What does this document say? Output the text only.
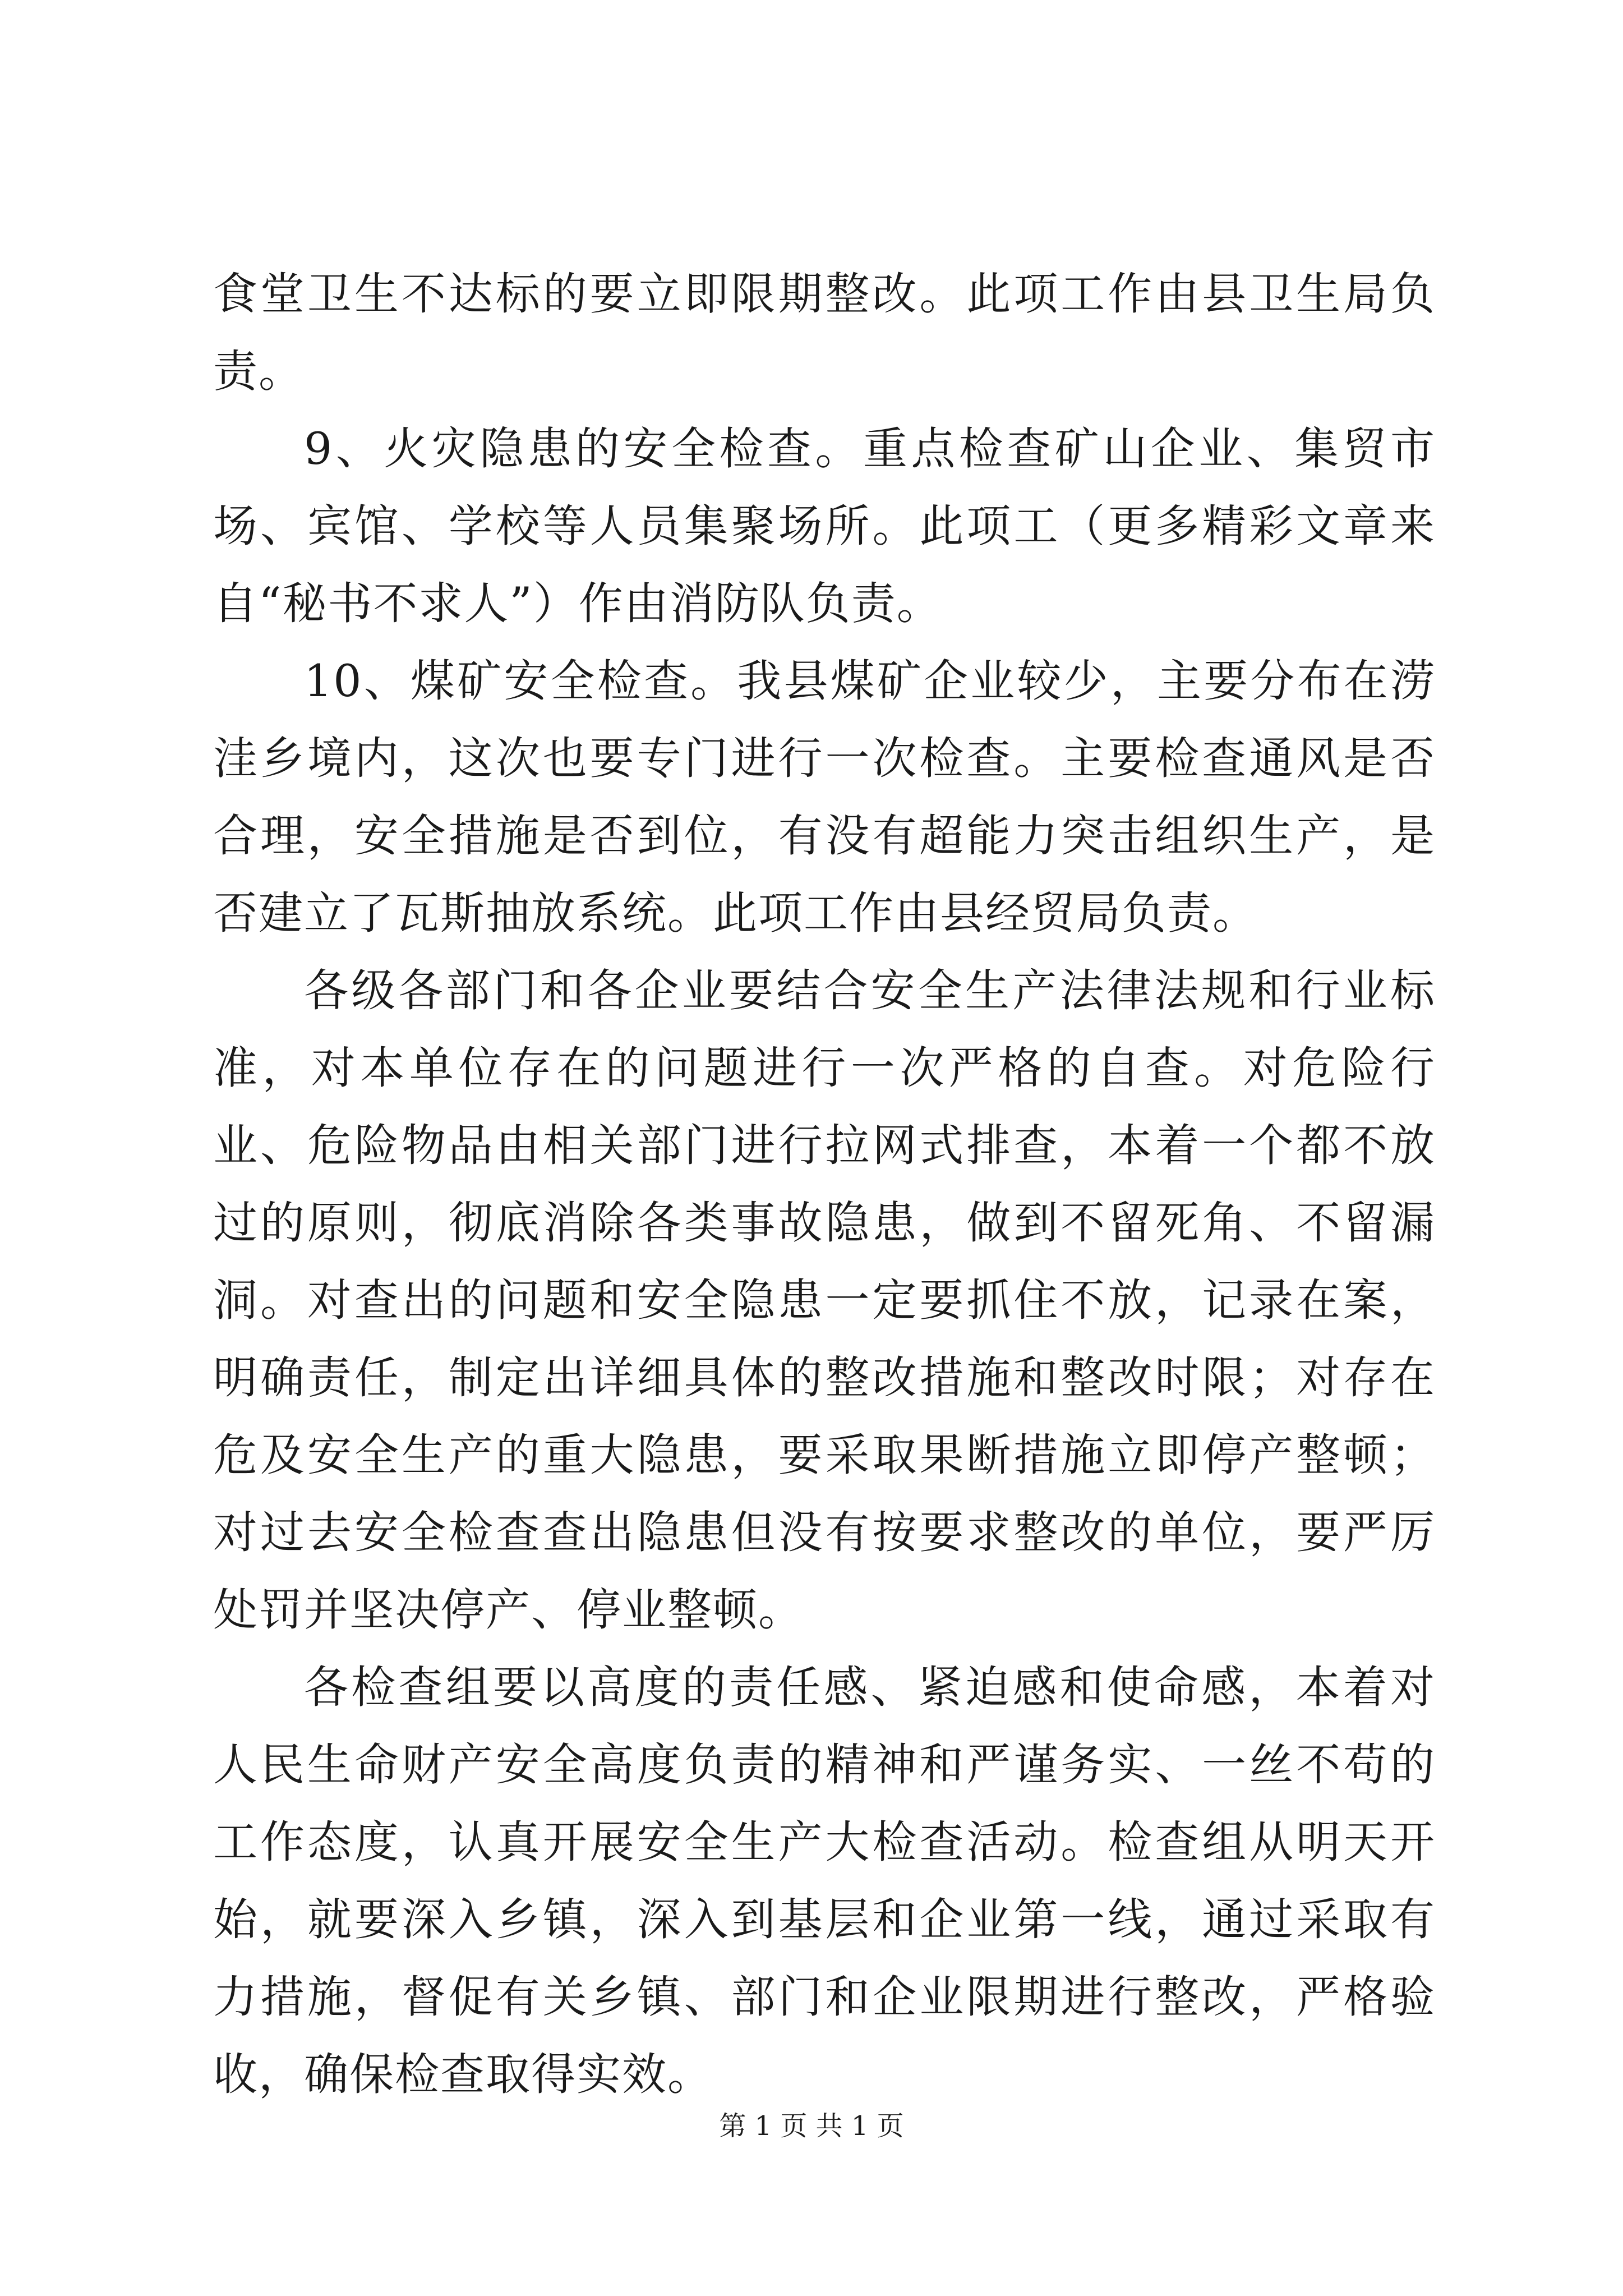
食堂卫生不达标的要立即限期整改。此项工作由县卫生局负责。

9、火灾隐患的安全检查。重点检查矿山企业、集贸市场、宾馆、学校等人员集聚场所。此项工（更多精彩文章来自“秘书不求人”）作由消防队负责。

10、煤矿安全检查。我县煤矿企业较少，主要分布在涝洼乡境内，这次也要专门进行一次检查。主要检查通风是否合理，安全措施是否到位，有没有超能力突击组织生产，是否建立了瓦斯抽放系统。此项工作由县经贸局负责。

各级各部门和各企业要结合安全生产法律法规和行业标准，对本单位存在的问题进行一次严格的自查。对危险行业、危险物品由相关部门进行拉网式排查，本着一个都不放过的原则，彻底消除各类事故隐患，做到不留死角、不留漏洞。对查出的问题和安全隐患一定要抓住不放，记录在案，明确责任，制定出详细具体的整改措施和整改时限；对存在危及安全生产的重大隐患，要采取果断措施立即停产整顿；对过去安全检查查出隐患但没有按要求整改的单位，要严厉处罚并坚决停产、停业整顿。

各检查组要以高度的责任感、紧迫感和使命感，本着对人民生命财产安全高度负责的精神和严谨务实、一丝不苟的工作态度，认真开展安全生产大检查活动。检查组从明天开始，就要深入乡镇，深入到基层和企业第一线，通过采取有力措施，督促有关乡镇、部门和企业限期进行整改，严格验收，确保检查取得实效。

第 1 页 共 1 页
